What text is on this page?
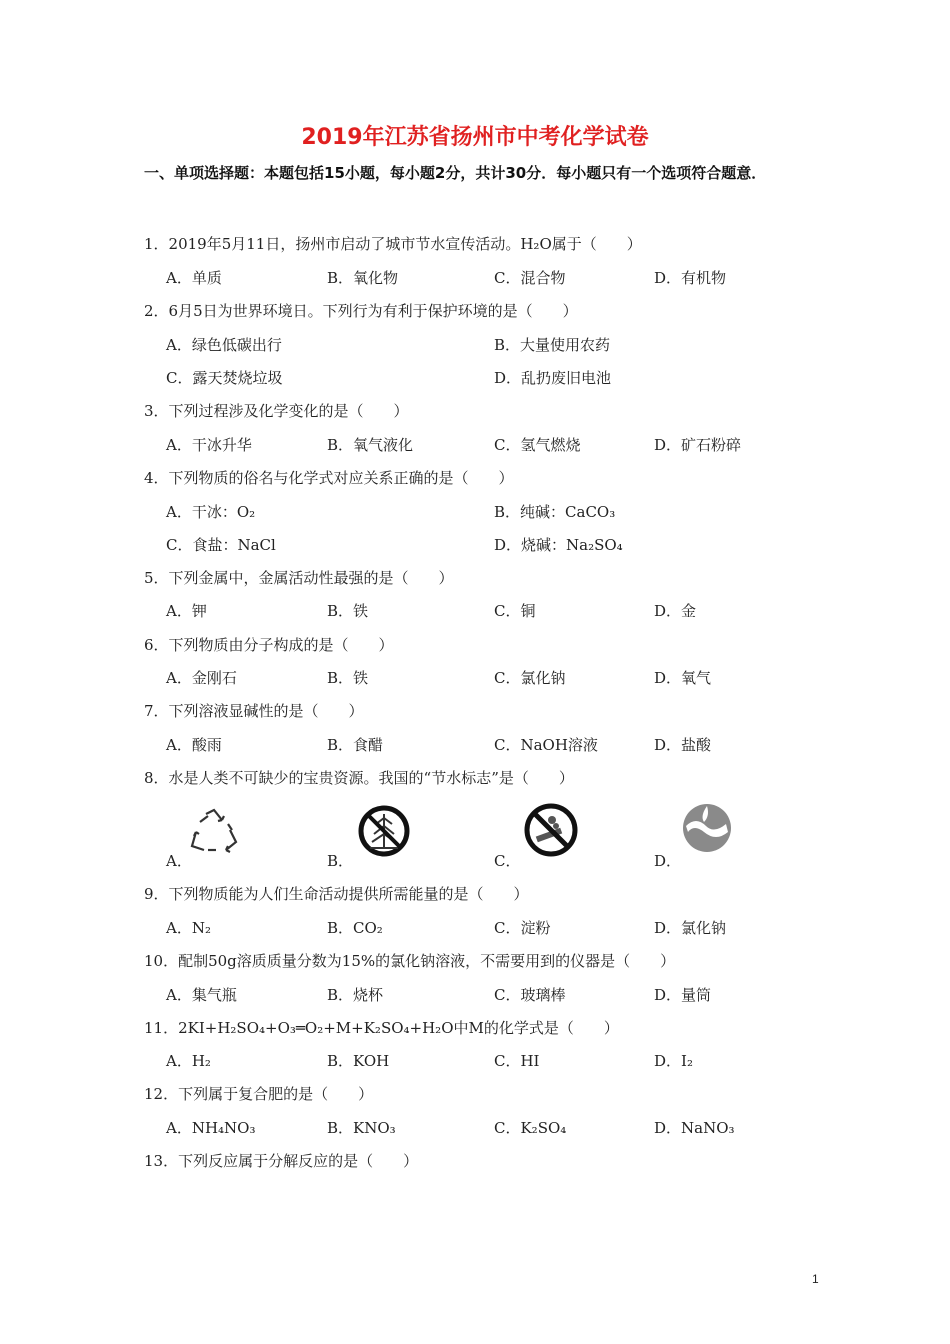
2019年江苏省扬州市中考化学试卷
一、单项选择题：本题包括15小题，每小题2分，共计30分．每小题只有一个选项符合题意．
1．2019年5月11日，扬州市启动了城市节水宣传活动。H₂O属于（　　）
A．单质	B．氧化物	C．混合物	D．有机物
2．6月5日为世界环境日。下列行为有利于保护环境的是（　　）
A．绿色低碳出行	B．大量使用农药
C．露天焚烧垃圾	D．乱扔废旧电池
3．下列过程涉及化学变化的是（　　）
A．干冰升华	B．氧气液化	C．氢气燃烧	D．矿石粉碎
4．下列物质的俗名与化学式对应关系正确的是（　　）
A．干冰：O₂	B．纯碱：CaCO₃
C．食盐：NaCl	D．烧碱：Na₂SO₄
5．下列金属中，金属活动性最强的是（　　）
A．钾	B．铁	C．铜	D．金
6．下列物质由分子构成的是（　　）
A．金刚石	B．铁	C．氯化钠	D．氧气
7．下列溶液显碱性的是（　　）
A．酸雨	B．食醋	C．NaOH溶液	D．盐酸
8．水是人类不可缺少的宝贵资源。我国的“节水标志”是（　　）
A．	B．	C．	D．
9．下列物质能为人们生命活动提供所需能量的是（　　）
A．N₂	B．CO₂	C．淀粉	D．氯化钠
10．配制50g溶质质量分数为15%的氯化钠溶液，不需要用到的仪器是（　　）
A．集气瓶	B．烧杯	C．玻璃棒	D．量筒
11．2KI+H₂SO₄+O₃═O₂+M+K₂SO₄+H₂O中M的化学式是（　　）
A．H₂	B．KOH	C．HI	D．I₂
12．下列属于复合肥的是（　　）
A．NH₄NO₃	B．KNO₃	C．K₂SO₄	D．NaNO₃
13．下列反应属于分解反应的是（　　）
1
